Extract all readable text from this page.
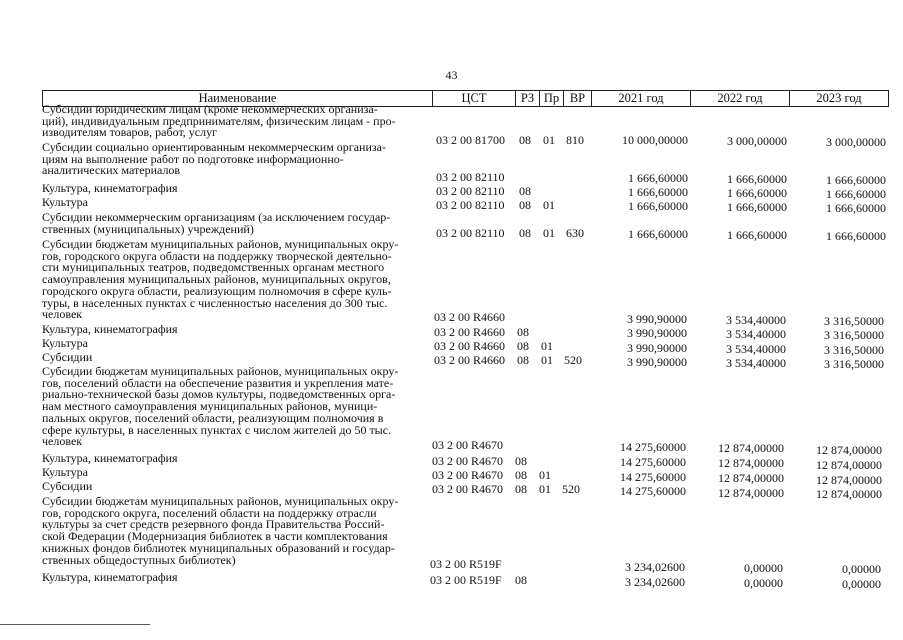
43
Наименование	ЦСТ	РЗ Пр ВР	2021 год	2022 год	2023 год
Субсидии юридическим лицам (кроме некоммерческих организа-
ций), индивидуальным предпринимателям, физическим лицам - про-
изводителям товаров, работ, услуг
03 2 00 81700 08 01 810	10 000,00000	3 000,00000	3 000,00000
Субсидии социально ориентированным некоммерческим организа-
циям на выполнение работ по подготовке информационно-
аналитических материалов	03 2 00 82110	1 666,60000	1 666,60000	1 666,60000
Культура, кинематография	03 2 00 82110 08	1 666,60000	1 666,60000	1 666,60000
Культура	03 2 00 82110 08 01	1 666,60000	1 666,60000	1 666,60000
Субсидии некоммерческим организациям (за исключением государ-
ственных (муниципальных) учреждений)	03 2 00 82110 08 01 630	1 666,60000	1 666,60000	1 666,60000
Субсидии бюджетам муниципальных районов, муниципальных окру-
гов, городского округа области на поддержку творческой деятельно-
сти муниципальных театров, подведомственных органам местного
самоуправления муниципальных районов, муниципальных округов,
городского округа области, реализующим полномочия в сфере куль-
туры, в населенных пунктах с численностью населения до 300 тыс.
человек	03 2 00 R4660	3 990,90000	3 534,40000	3 316,50000
Культура, кинематография	03 2 00 R4660 08	3 990,90000	3 534,40000	3 316,50000
Культура	03 2 00 R4660 08 01	3 990,90000	3 534,40000	3 316,50000
Субсидии	03 2 00 R4660 08 01 520	3 990,90000	3 534,40000	3 316,50000
Субсидии бюджетам муниципальных районов, муниципальных окру-
гов, поселений области на обеспечение развития и укрепления мате-
риально-технической базы домов культуры, подведомственных орга-
нам местного самоуправления муниципальных районов, муници-
пальных округов, поселений области, реализующим полномочия в
сфере культуры, в населенных пунктах с числом жителей до 50 тыс.
человек	03 2 00 R4670	14 275,60000	12 874,00000	12 874,00000
Культура, кинематография	03 2 00 R4670 08	14 275,60000	12 874,00000	12 874,00000
Культура	03 2 00 R4670 08 01	14 275,60000	12 874,00000	12 874,00000
Субсидии	03 2 00 R4670 08 01 520	14 275,60000	12 874,00000	12 874,00000
Субсидии бюджетам муниципальных районов, муниципальных окру-
гов, городского округа, поселений области на поддержку отрасли
культуры за счет средств резервного фонда Правительства Россий-
ской Федерации (Модернизация библиотек в части комплектования
книжных фондов библиотек муниципальных образований и государ-
ственных общедоступных библиотек)	03 2 00 R519F	3 234,02600	0,00000	0,00000
Культура, кинематография	03 2 00 R519F 08	3 234,02600	0,00000	0,00000
